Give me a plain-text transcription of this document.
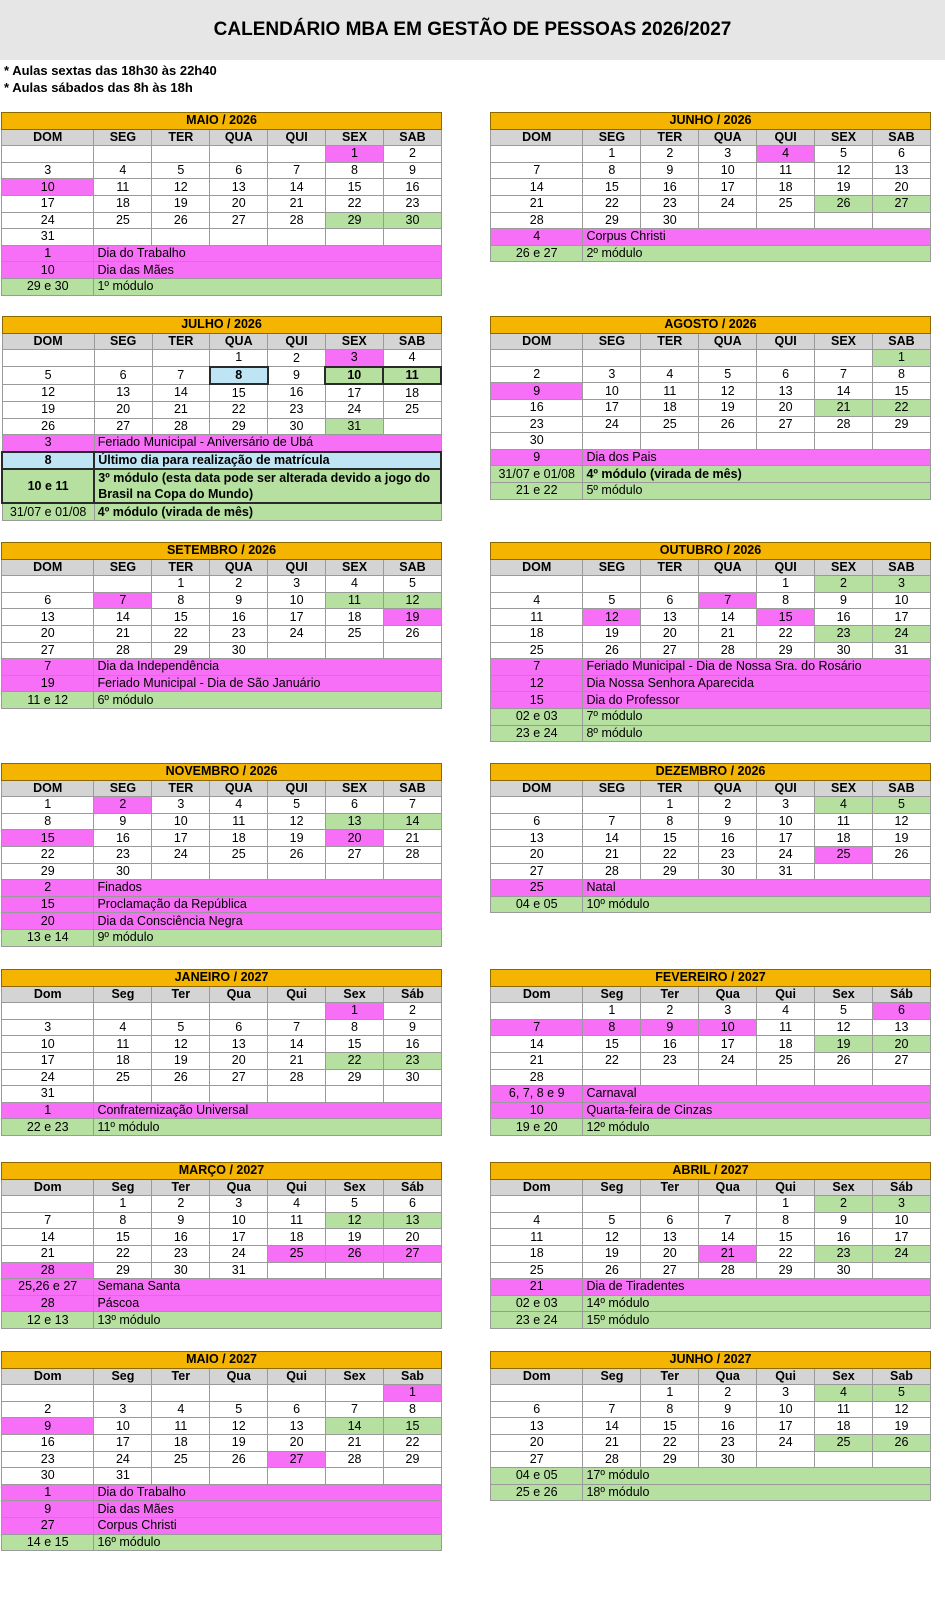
CALENDÁRIO MBA EM GESTÃO DE PESSOAS 2026/2027
* Aulas sextas das 18h30 às 22h40
* Aulas sábados das 8h às 18h
MAIO / 2026						
DOM	SEG	TER	QUA	QUI	SEX	SAB
					1	2
3	4	5	6	7	8	9
10	11	12	13	14	15	16
17	18	19	20	21	22	23
24	25	26	27	28	29	30
31						
1	Dia do Trabalho					
10	Dia das Mães					
29 e 30	1º módulo					
JUNHO / 2026						
DOM	SEG	TER	QUA	QUI	SEX	SAB
	1	2	3	4	5	6
7	8	9	10	11	12	13
14	15	16	17	18	19	20
21	22	23	24	25	26	27
28	29	30				
4	Corpus Christi					
26 e 27	2º módulo					
JULHO / 2026						
DOM	SEG	TER	QUA	QUI	SEX	SAB
			1	2	3	4
5	6	7	8	9	10	11
12	13	14	15	16	17	18
19	20	21	22	23	24	25
26	27	28	29	30	31	
3	Feriado Municipal - Aniversário de Ubá					
8	Último dia para realização de matrícula					
10 e 11	3º módulo (esta data pode ser alterada devido a jogo do Brasil na Copa do Mundo)					
31/07 e 01/08	4º módulo (virada de mês)					
AGOSTO / 2026						
DOM	SEG	TER	QUA	QUI	SEX	SAB
						1
2	3	4	5	6	7	8
9	10	11	12	13	14	15
16	17	18	19	20	21	22
23	24	25	26	27	28	29
30						
9	Dia dos Pais					
31/07 e 01/08	4º módulo (virada de mês)					
21 e 22	5º módulo					
SETEMBRO / 2026						
DOM	SEG	TER	QUA	QUI	SEX	SAB
		1	2	3	4	5
6	7	8	9	10	11	12
13	14	15	16	17	18	19
20	21	22	23	24	25	26
27	28	29	30			
7	Dia da Independência					
19	Feriado Municipal - Dia de São Januário					
11 e 12	6º módulo					
OUTUBRO / 2026						
DOM	SEG	TER	QUA	QUI	SEX	SAB
				1	2	3
4	5	6	7	8	9	10
11	12	13	14	15	16	17
18	19	20	21	22	23	24
25	26	27	28	29	30	31
7	Feriado Municipal - Dia de Nossa Sra. do Rosário					
12	Dia Nossa Senhora Aparecida					
15	Dia do Professor					
02 e 03	7º módulo					
23 e 24	8º módulo					
NOVEMBRO / 2026						
DOM	SEG	TER	QUA	QUI	SEX	SAB
1	2	3	4	5	6	7
8	9	10	11	12	13	14
15	16	17	18	19	20	21
22	23	24	25	26	27	28
29	30					
2	Finados					
15	Proclamação da República					
20	Dia da Consciência Negra					
13 e 14	9º módulo					
DEZEMBRO / 2026						
DOM	SEG	TER	QUA	QUI	SEX	SAB
		1	2	3	4	5
6	7	8	9	10	11	12
13	14	15	16	17	18	19
20	21	22	23	24	25	26
27	28	29	30	31		
25	Natal					
04 e 05	10º módulo					
JANEIRO / 2027						
Dom	Seg	Ter	Qua	Qui	Sex	Sáb
					1	2
3	4	5	6	7	8	9
10	11	12	13	14	15	16
17	18	19	20	21	22	23
24	25	26	27	28	29	30
31						
1	Confraternização Universal					
22 e 23	11º módulo					
FEVEREIRO / 2027						
Dom	Seg	Ter	Qua	Qui	Sex	Sáb
	1	2	3	4	5	6
7	8	9	10	11	12	13
14	15	16	17	18	19	20
21	22	23	24	25	26	27
28						
6, 7, 8 e 9	Carnaval					
10	Quarta-feira de Cinzas					
19 e 20	12º módulo					
MARÇO / 2027						
Dom	Seg	Ter	Qua	Qui	Sex	Sáb
	1	2	3	4	5	6
7	8	9	10	11	12	13
14	15	16	17	18	19	20
21	22	23	24	25	26	27
28	29	30	31			
25,26 e 27	Semana Santa					
28	Páscoa					
12 e 13	13º módulo					
ABRIL / 2027						
Dom	Seg	Ter	Qua	Qui	Sex	Sáb
				1	2	3
4	5	6	7	8	9	10
11	12	13	14	15	16	17
18	19	20	21	22	23	24
25	26	27	28	29	30	
21	Dia de Tiradentes					
02 e 03	14º módulo					
23 e 24	15º módulo					
MAIO / 2027						
Dom	Seg	Ter	Qua	Qui	Sex	Sab
						1
2	3	4	5	6	7	8
9	10	11	12	13	14	15
16	17	18	19	20	21	22
23	24	25	26	27	28	29
30	31					
1	Dia do Trabalho					
9	Dia das Mães					
27	Corpus Christi					
14 e 15	16º módulo					
JUNHO / 2027						
Dom	Seg	Ter	Qua	Qui	Sex	Sab
		1	2	3	4	5
6	7	8	9	10	11	12
13	14	15	16	17	18	19
20	21	22	23	24	25	26
27	28	29	30			
04 e 05	17º módulo					
25 e 26	18º módulo					
